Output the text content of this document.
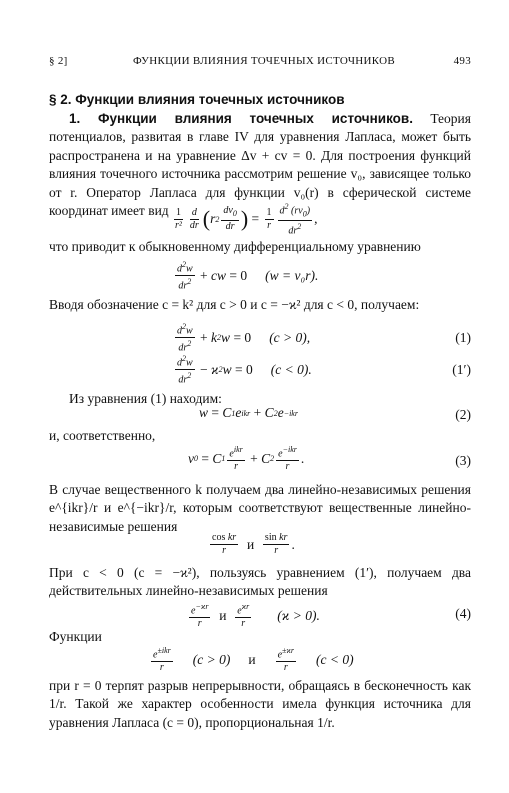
§ 2]	ФУНКЦИИ ВЛИЯНИЯ ТОЧЕЧНЫХ ИСТОЧНИКОВ	493
§ 2. Функции влияния точечных источников
1. Функции влияния точечных источников. Теория потенциалов, развитая в главе IV для уравнения Лапласа, может быть распространена и на уравнение Δv + cv = 0. Для построения функций влияния точечного источника рассмотрим решение v₀, зависящее только от r. Оператор Лапласа для функции v₀(r) в сферической системе координат имеет вид $\frac{1}{\text{r²}} \frac{d}{dr}$ ( r $2 \frac{dv_0}{dr}$ ) = $\frac{1}{r} \frac{d^2 (rv_0)}{dr^2}$ ,
что приводит к обыкновенному дифференциальному уравнению
$\frac{d^2w}{dr^2}$ + cw = 0 (w = v₀r).
Вводя обозначение c = k² для c > 0 и c = −ϰ² для c < 0, получаем:
$\frac{d^2w}{dr^2} + k$ 2 w = 0 (c > 0),	(1)
$\frac{d^2w}{dr^2} - ϰ$ 2 w = 0 (c < 0).	(1′)
Из уравнения (1) находим:
w = C 1 e ikr + C 2 e −ikr	(2)
и, соответственно,
v 0 = C $1 \frac{e^{ikr}}{r} + C$ $2 \frac{e^{-ikr}}{r}$ .	(3)
В случае вещественного k получаем два линейно-независимых решения e^{ikr}/r и e^{−ikr}/r, которым соответствуют вещественные линейно-независимые решения
$\frac{\text{cos kr}}{r}$
и
$\frac{\text{sin kr}}{r}$ .
При c < 0 (c = −ϰ²), пользуясь уравнением (1′), получаем два действительных линейно-независимых решения
$\frac{e^{-ϰr}}{r}$
и
$\frac{e^{ϰr}}{r} (ϰ > 0)$.	(4)
Функции
$\frac{e^{\pm ikr}}{r} (c > 0)$ и $\frac{e^{\pm ϰr}}{r} (c < 0)$
при r = 0 терпят разрыв непрерывности, обращаясь в бесконечность как 1/r. Такой же характер особенности имела функция источника для уравнения Лапласа (c = 0), пропорциональная 1/r.
